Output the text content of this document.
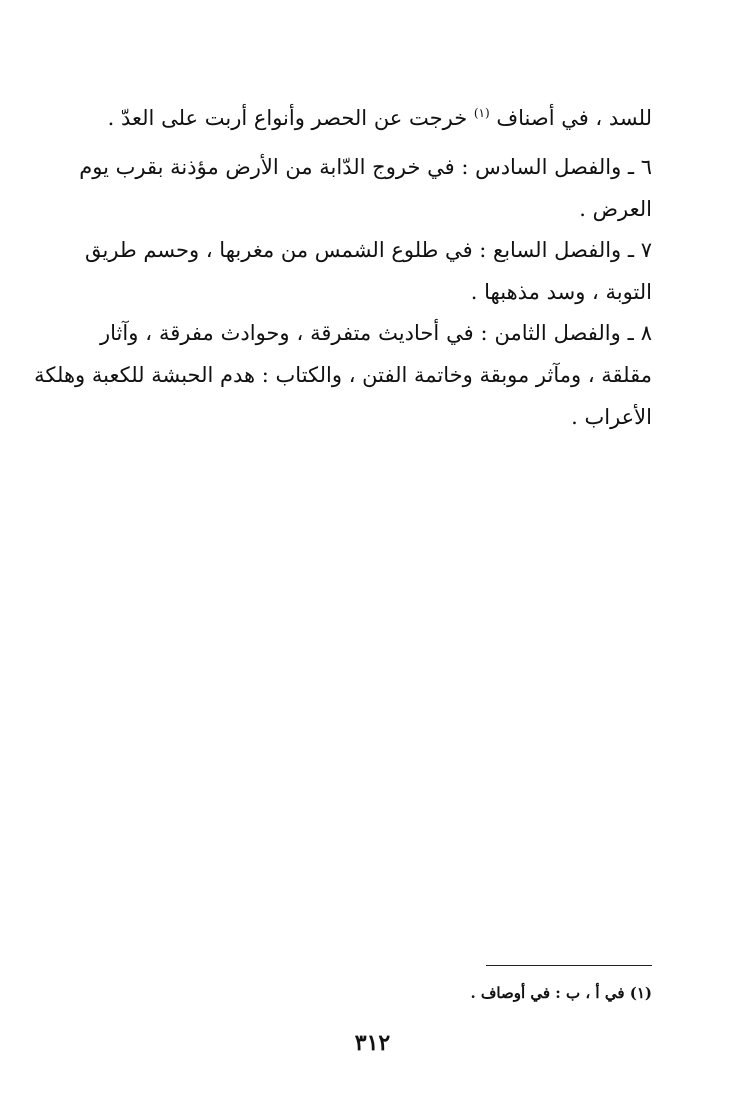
للسد ، في أصناف $^{(١)}$ خرجت عن الحصر وأنواع أربت على العدّ .
٦ ـ والفصل السادس : في خروج الدّابة من الأرض مؤذنة بقرب يوم
العرض .
٧ ـ والفصل السابع : في طلوع الشمس من مغربها ، وحسم طريق
التوبة ، وسد مذهبها .
٨ ـ والفصل الثامن : في أحاديث متفرقة ، وحوادث مفرقة ، وآثار
مقلقة ، ومآثر موبقة وخاتمة الفتن ، والكتاب : هدم الحبشة للكعبة وهلكة
الأعراب .
(١) في أ ، ب : في أوصاف .
٣١٢
